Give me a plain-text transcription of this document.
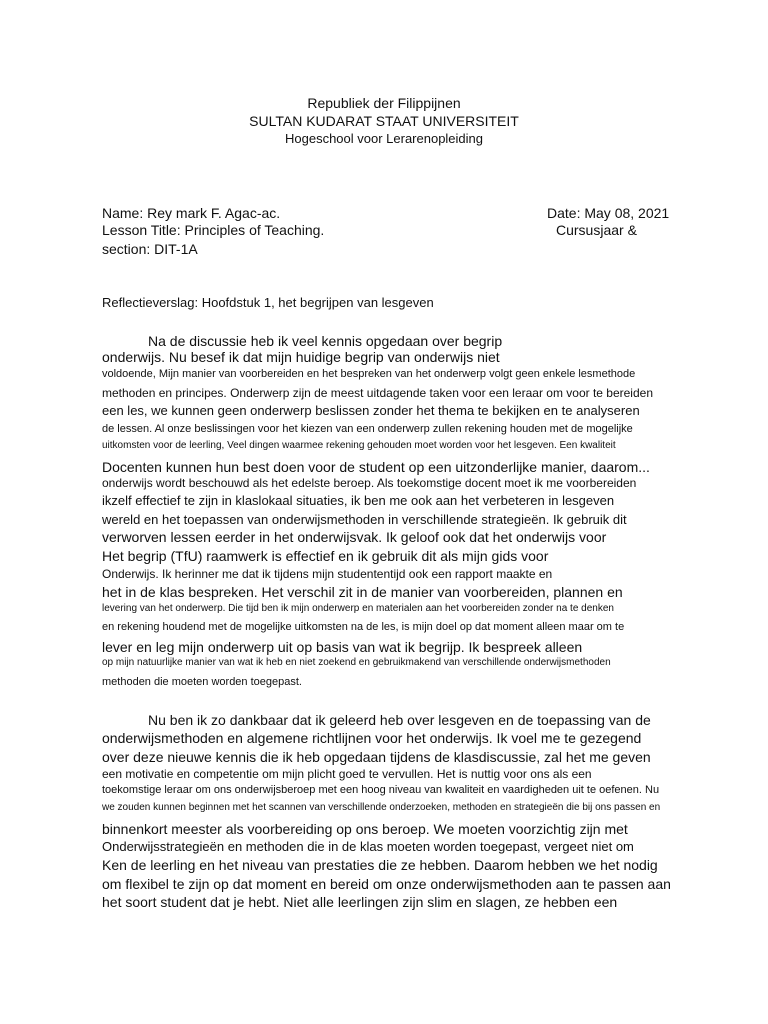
Republiek der Filippijnen
SULTAN KUDARAT STAAT UNIVERSITEIT
Hogeschool voor Lerarenopleiding
Name: Rey mark F. Agac-ac.	Date: May 08, 2021
Lesson Title: Principles of Teaching.	Cursusjaar &
section: DIT-1A
Reflectieverslag: Hoofdstuk 1, het begrijpen van lesgeven
Na de discussie heb ik veel kennis opgedaan over begrip
onderwijs. Nu besef ik dat mijn huidige begrip van onderwijs niet
voldoende, Mijn manier van voorbereiden en het bespreken van het onderwerp volgt geen enkele lesmethode
methoden en principes. Onderwerp zijn de meest uitdagende taken voor een leraar om voor te bereiden
een les, we kunnen geen onderwerp beslissen zonder het thema te bekijken en te analyseren
de lessen. Al onze beslissingen voor het kiezen van een onderwerp zullen rekening houden met de mogelijke
uitkomsten voor de leerling, Veel dingen waarmee rekening gehouden moet worden voor het lesgeven. Een kwaliteit
Docenten kunnen hun best doen voor de student op een uitzonderlijke manier, daarom...
onderwijs wordt beschouwd als het edelste beroep. Als toekomstige docent moet ik me voorbereiden
ikzelf effectief te zijn in klaslokaal situaties, ik ben me ook aan het verbeteren in lesgeven
wereld en het toepassen van onderwijsmethoden in verschillende strategieën. Ik gebruik dit
verworven lessen eerder in het onderwijsvak. Ik geloof ook dat het onderwijs voor
Het begrip (TfU) raamwerk is effectief en ik gebruik dit als mijn gids voor
Onderwijs. Ik herinner me dat ik tijdens mijn studententijd ook een rapport maakte en
het in de klas bespreken. Het verschil zit in de manier van voorbereiden, plannen en
levering van het onderwerp. Die tijd ben ik mijn onderwerp en materialen aan het voorbereiden zonder na te denken
en rekening houdend met de mogelijke uitkomsten na de les, is mijn doel op dat moment alleen maar om te
lever en leg mijn onderwerp uit op basis van wat ik begrijp. Ik bespreek alleen
op mijn natuurlijke manier van wat ik heb en niet zoekend en gebruikmakend van verschillende onderwijsmethoden
methoden die moeten worden toegepast.
Nu ben ik zo dankbaar dat ik geleerd heb over lesgeven en de toepassing van de
onderwijsmethoden en algemene richtlijnen voor het onderwijs. Ik voel me te gezegend
over deze nieuwe kennis die ik heb opgedaan tijdens de klasdiscussie, zal het me geven
een motivatie en competentie om mijn plicht goed te vervullen. Het is nuttig voor ons als een
toekomstige leraar om ons onderwijsberoep met een hoog niveau van kwaliteit en vaardigheden uit te oefenen. Nu
we zouden kunnen beginnen met het scannen van verschillende onderzoeken, methoden en strategieën die bij ons passen en
binnenkort meester als voorbereiding op ons beroep. We moeten voorzichtig zijn met
Onderwijsstrategieën en methoden die in de klas moeten worden toegepast, vergeet niet om
Ken de leerling en het niveau van prestaties die ze hebben. Daarom hebben we het nodig
om flexibel te zijn op dat moment en bereid om onze onderwijsmethoden aan te passen aan
het soort student dat je hebt. Niet alle leerlingen zijn slim en slagen, ze hebben een
